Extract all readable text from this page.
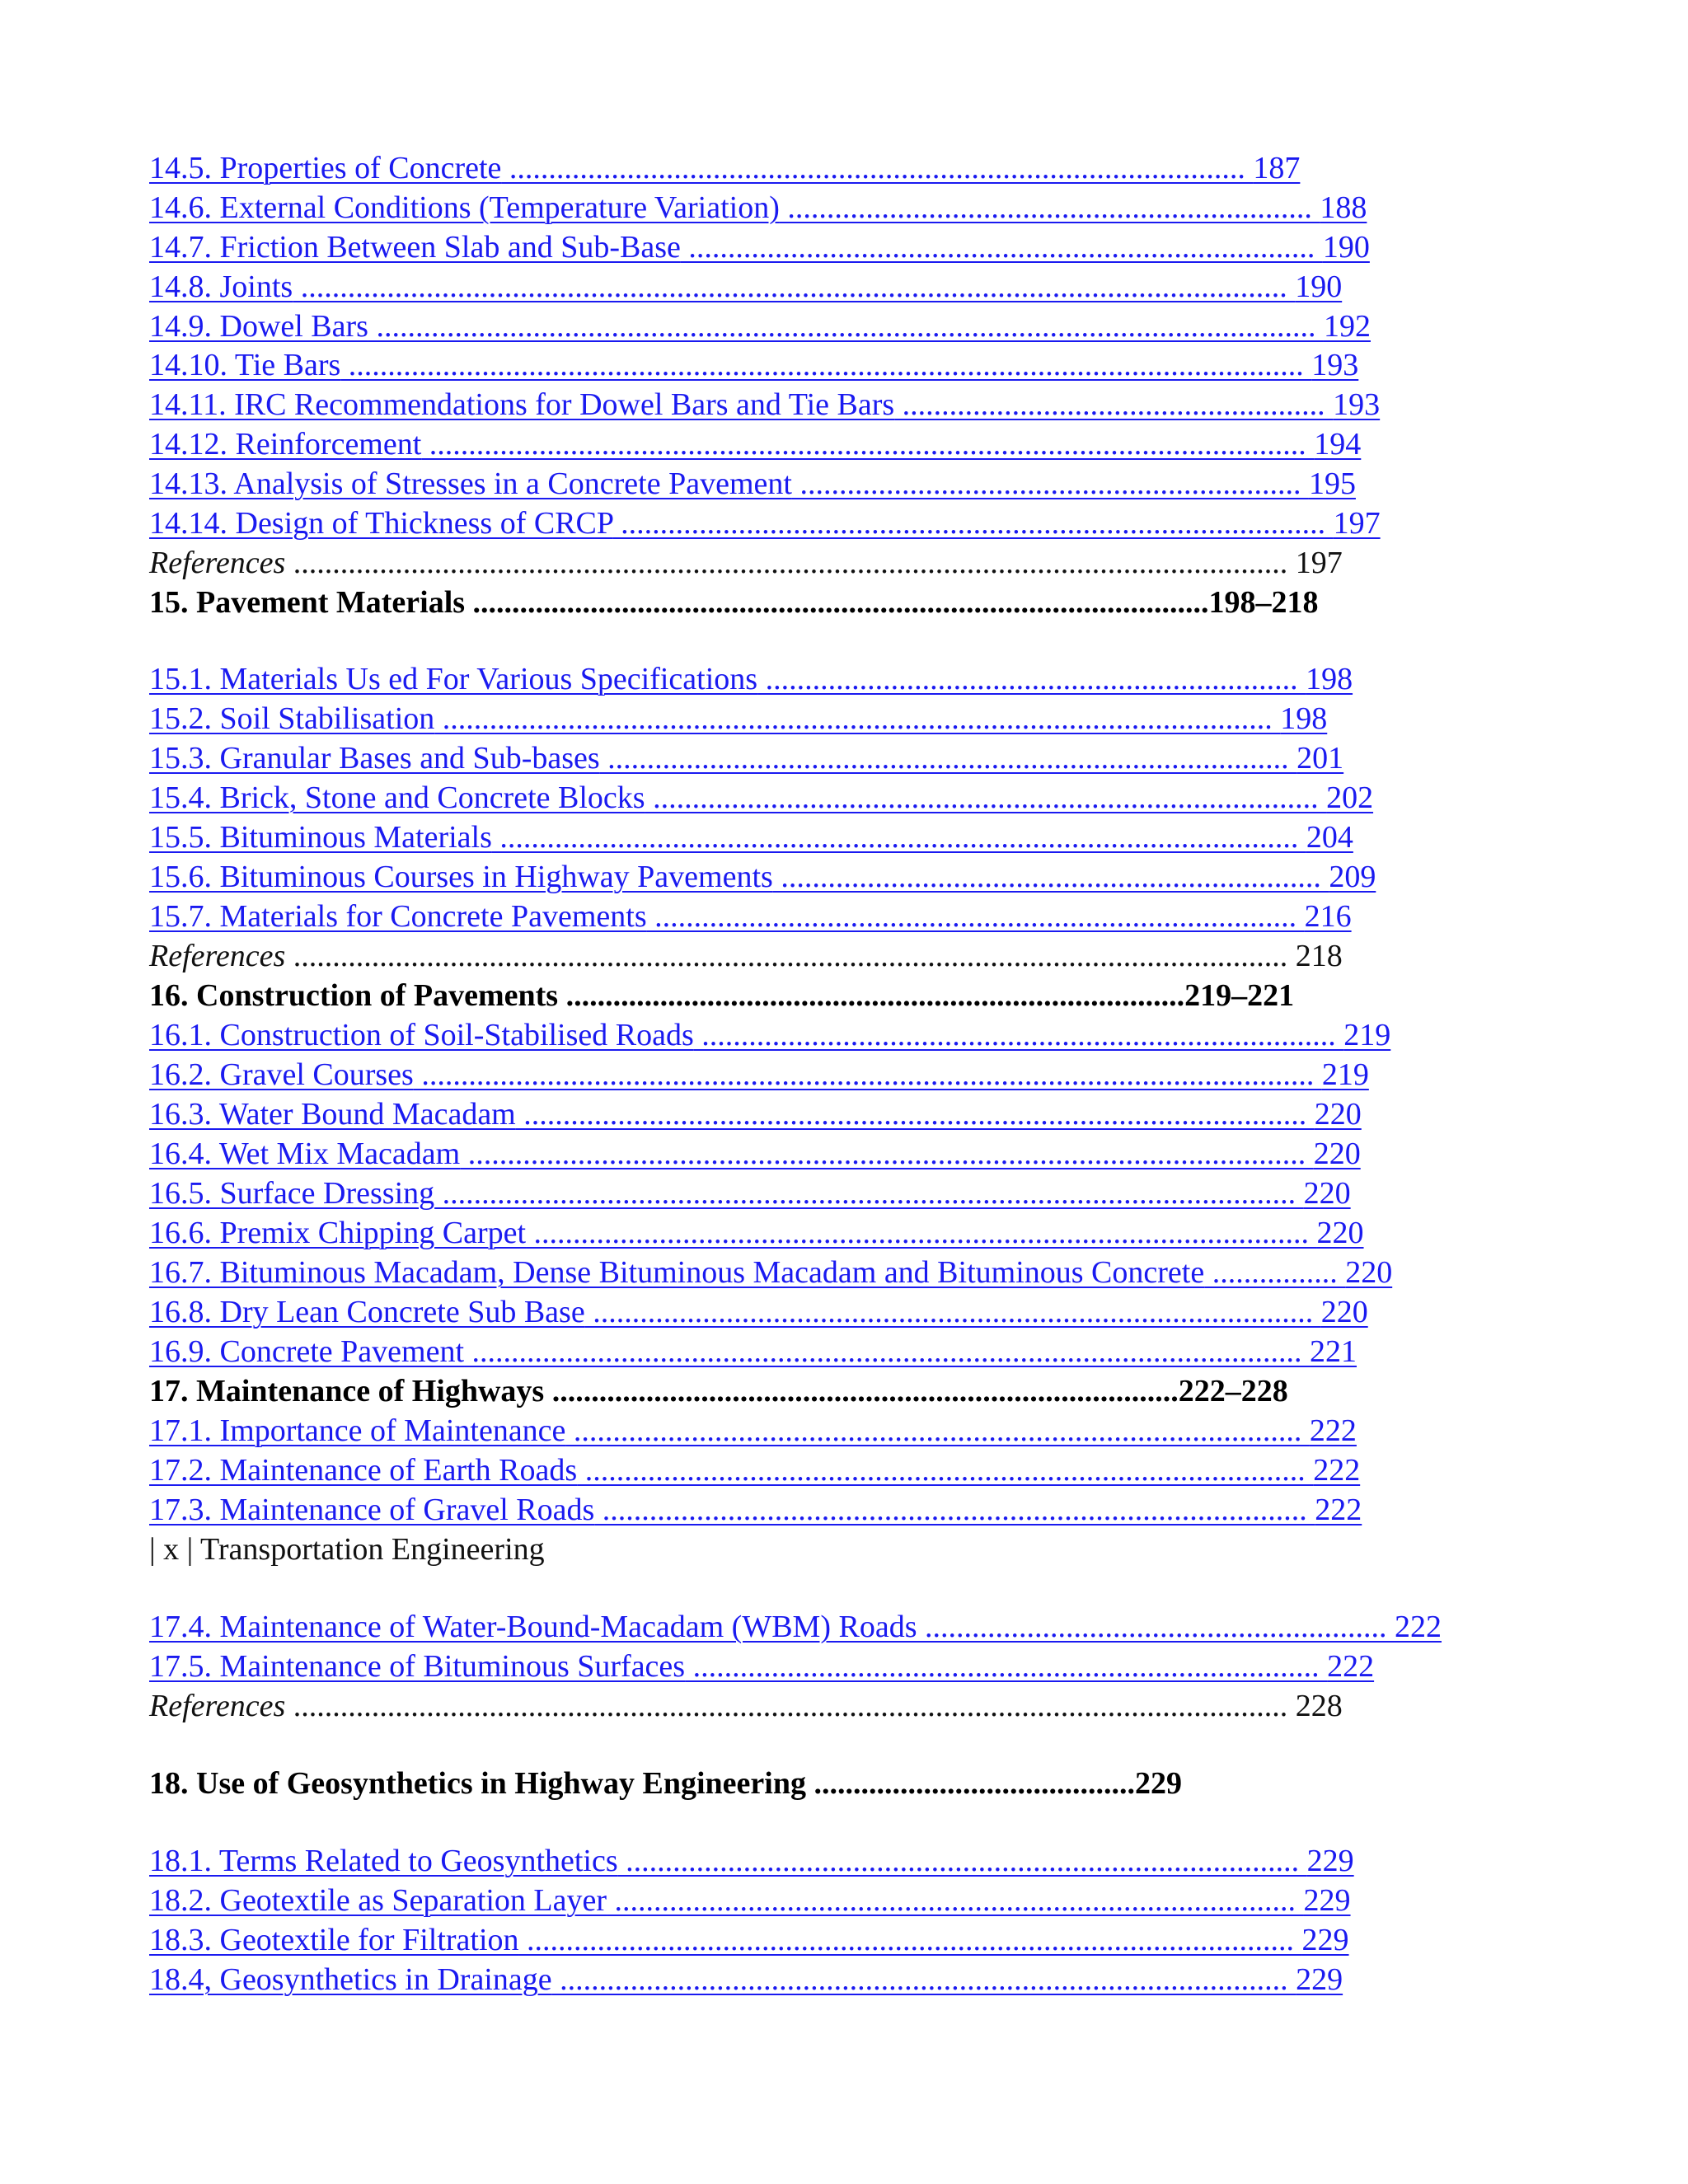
14.5. Properties of Concrete .............................................................................................. 187
14.6. External Conditions (Temperature Variation) ................................................................... 188
14.7. Friction Between Slab and Sub-Base ................................................................................ 190
14.8. Joints .............................................................................................................................. 190
14.9. Dowel Bars ........................................................................................................................ 192
14.10. Tie Bars .......................................................................................................................... 193
14.11. IRC Recommendations for Dowel Bars and Tie Bars ...................................................... 193
14.12. Reinforcement ................................................................................................................ 194
14.13. Analysis of Stresses in a Concrete Pavement ................................................................ 195
14.14. Design of Thickness of CRCP .......................................................................................... 197
References ............................................................................................................................... 197
15. Pavement Materials ..............................................................................................198–218
15.1. Materials Us ed For Various Specifications .................................................................... 198
15.2. Soil Stabilisation .......................................................................................................... 198
15.3. Granular Bases and Sub-bases ....................................................................................... 201
15.4. Brick, Stone and Concrete Blocks ..................................................................................... 202
15.5. Bituminous Materials ...................................................................................................... 204
15.6. Bituminous Courses in Highway Pavements ..................................................................... 209
15.7. Materials for Concrete Pavements .................................................................................. 216
References ............................................................................................................................... 218
16. Construction of Pavements ...............................................................................219–221
16.1. Construction of Soil-Stabilised Roads ................................................................................. 219
16.2. Gravel Courses .................................................................................................................. 219
16.3. Water Bound Macadam .................................................................................................... 220
16.4. Wet Mix Macadam ........................................................................................................... 220
16.5. Surface Dressing ............................................................................................................. 220
16.6. Premix Chipping Carpet ................................................................................................... 220
16.7. Bituminous Macadam, Dense Bituminous Macadam and Bituminous Concrete ................ 220
16.8. Dry Lean Concrete Sub Base ............................................................................................ 220
16.9. Concrete Pavement .......................................................................................................... 221
17. Maintenance of Highways ................................................................................222–228
17.1. Importance of Maintenance ............................................................................................. 222
17.2. Maintenance of Earth Roads ............................................................................................ 222
17.3. Maintenance of Gravel Roads .......................................................................................... 222
| x | Transportation Engineering
17.4. Maintenance of Water-Bound-Macadam (WBM) Roads ........................................................... 222
17.5. Maintenance of Bituminous Surfaces ................................................................................ 222
References ............................................................................................................................... 228
18. Use of Geosynthetics in Highway Engineering .........................................229
18.1. Terms Related to Geosynthetics ...................................................................................... 229
18.2. Geotextile as Separation Layer ....................................................................................... 229
18.3. Geotextile for Filtration .................................................................................................. 229
18.4, Geosynthetics in Drainage ............................................................................................. 229
